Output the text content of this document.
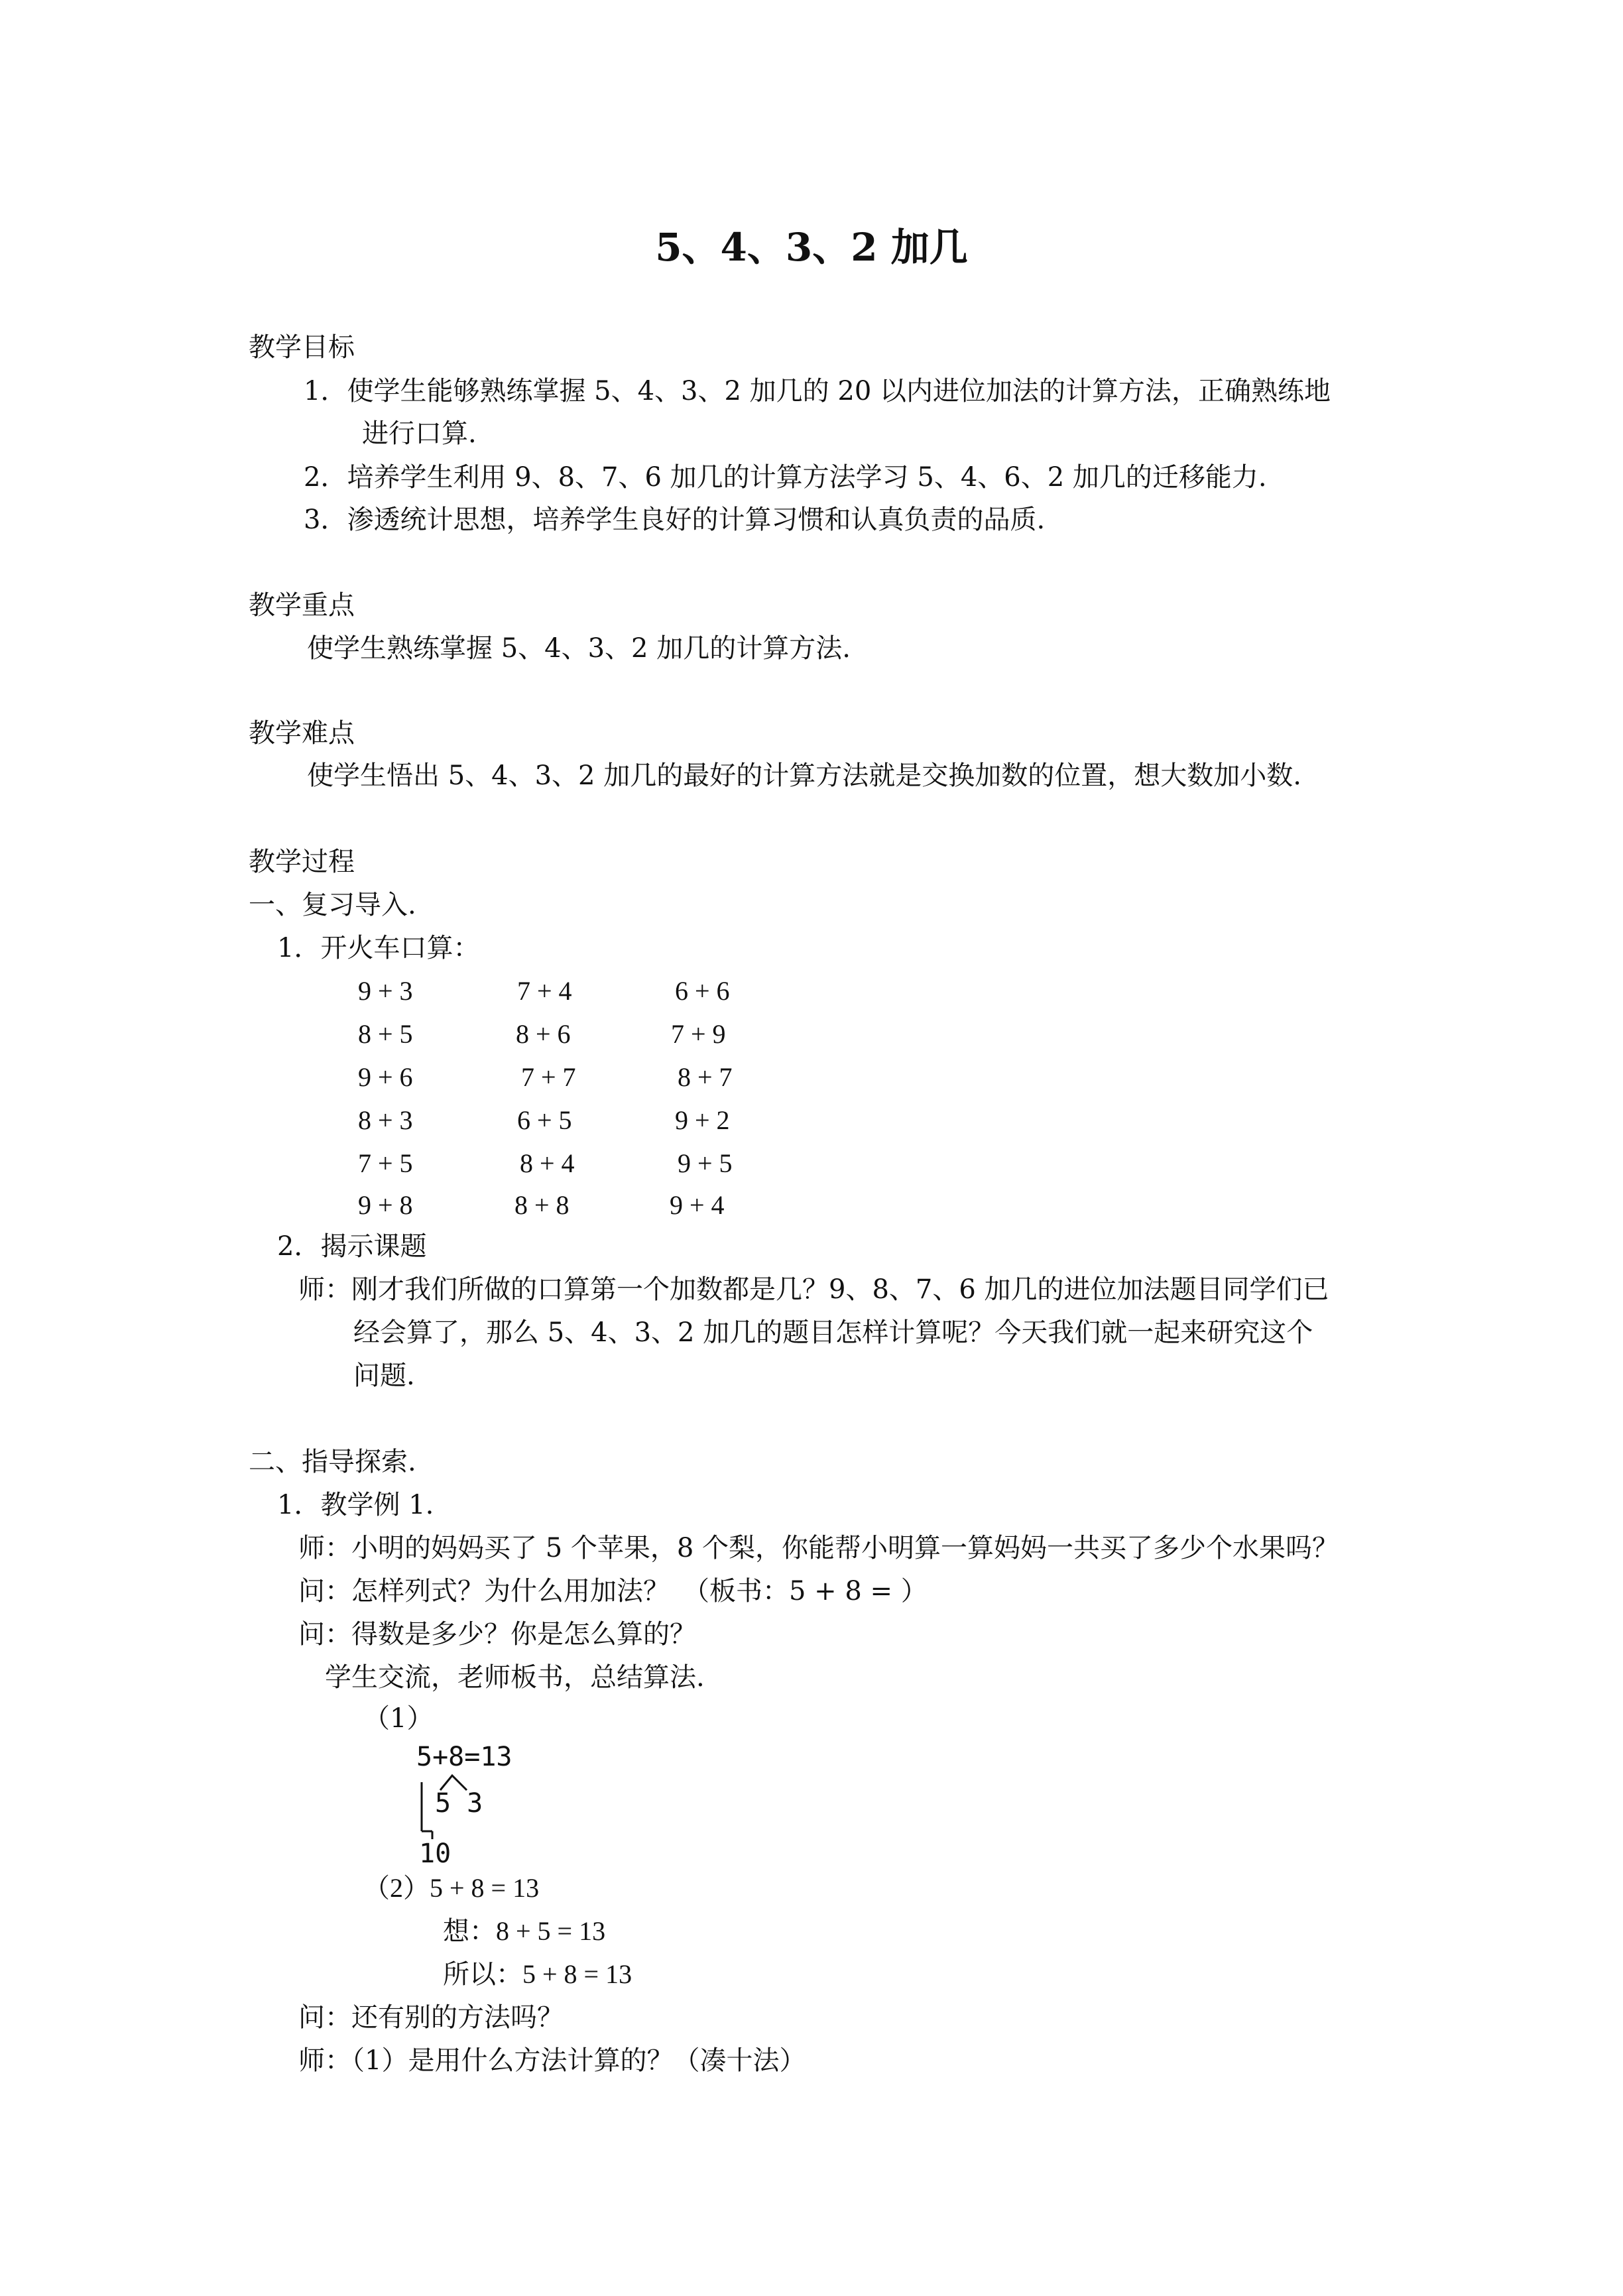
5、4、3、2 加几
教学目标
1．使学生能够熟练掌握 5、4、3、2 加几的 20 以内进位加法的计算方法，正确熟练地
进行口算.
2．培养学生利用 9、8、7、6 加几的计算方法学习 5、4、6、2 加几的迁移能力.
3．渗透统计思想，培养学生良好的计算习惯和认真负责的品质.
教学重点
使学生熟练掌握 5、4、3、2 加几的计算方法.
教学难点
使学生悟出 5、4、3、2 加几的最好的计算方法就是交换加数的位置，想大数加小数.
教学过程
一、复习导入.
1．开火车口算：
9 + 3	7 + 4	6 + 6
8 + 5	8 + 6	7 + 9
9 + 6	7 + 7	8 + 7
8 + 3	6 + 5	9 + 2
7 + 5	8 + 4	9 + 5
9 + 8	8 + 8	9 + 4
2．揭示课题
师：刚才我们所做的口算第一个加数都是几？9、8、7、6 加几的进位加法题目同学们已
经会算了，那么 5、4、3、2 加几的题目怎样计算呢？今天我们就一起来研究这个
问题.
二、指导探索.
1．教学例 1.
师：小明的妈妈买了 5 个苹果，8 个梨，你能帮小明算一算妈妈一共买了多少个水果吗？
问：怎样列式？为什么用加法？　（板书：5 + 8 = ）
问：得数是多少？你是怎么算的？
学生交流，老师板书，总结算法.
（1）
5+8=13
5 3
10
（2）5 + 8 = 13
想：8 + 5 = 13
所以：5 + 8 = 13
问：还有别的方法吗？
师：（1）是用什么方法计算的？（凑十法）
